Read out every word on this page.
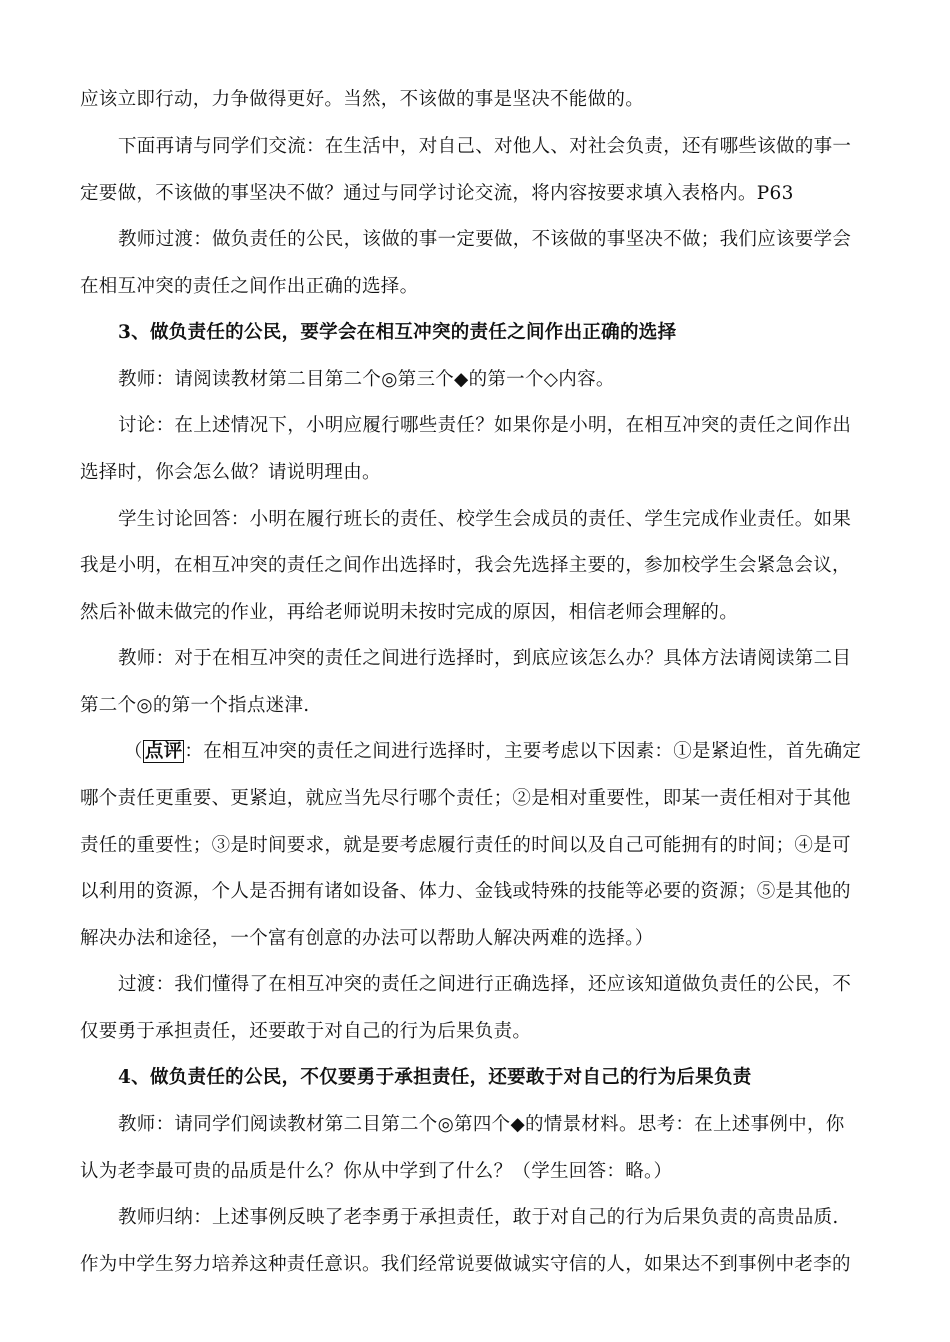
应该立即行动，力争做得更好。当然，不该做的事是坚决不能做的。
下面再请与同学们交流：在生活中，对自己、对他人、对社会负责，还有哪些该做的事一
定要做，不该做的事坚决不做？通过与同学讨论交流，将内容按要求填入表格内。P63
教师过渡：做负责任的公民，该做的事一定要做，不该做的事坚决不做；我们应该要学会
在相互冲突的责任之间作出正确的选择。
3、做负责任的公民，要学会在相互冲突的责任之间作出正确的选择
教师：请阅读教材第二目第二个◎第三个◆的第一个◇内容。
讨论：在上述情况下，小明应履行哪些责任？如果你是小明，在相互冲突的责任之间作出
选择时，你会怎么做？请说明理由。
学生讨论回答：小明在履行班长的责任、校学生会成员的责任、学生完成作业责任。如果
我是小明，在相互冲突的责任之间作出选择时，我会先选择主要的，参加校学生会紧急会议，
然后补做未做完的作业，再给老师说明未按时完成的原因，相信老师会理解的。
教师：对于在相互冲突的责任之间进行选择时，到底应该怎么办？具体方法请阅读第二目
第二个◎的第一个指点迷津.
（ 点评 ：在相互冲突的责任之间进行选择时，主要考虑以下因素：①是紧迫性，首先确定
哪个责任更重要、更紧迫，就应当先尽行哪个责任；②是相对重要性，即某一责任相对于其他
责任的重要性；③是时间要求，就是要考虑履行责任的时间以及自己可能拥有的时间；④是可
以利用的资源，个人是否拥有诸如设备、体力、金钱或特殊的技能等必要的资源；⑤是其他的
解决办法和途径，一个富有创意的办法可以帮助人解决两难的选择。）
过渡：我们懂得了在相互冲突的责任之间进行正确选择，还应该知道做负责任的公民，不
仅要勇于承担责任，还要敢于对自己的行为后果负责。
4、做负责任的公民，不仅要勇于承担责任，还要敢于对自己的行为后果负责
教师：请同学们阅读教材第二目第二个◎第四个◆的情景材料。思考：在上述事例中，你
认为老李最可贵的品质是什么？你从中学到了什么？（学生回答：略。）
教师归纳：上述事例反映了老李勇于承担责任，敢于对自己的行为后果负责的高贵品质.
作为中学生努力培养这种责任意识。我们经常说要做诚实守信的人，如果达不到事例中老李的
